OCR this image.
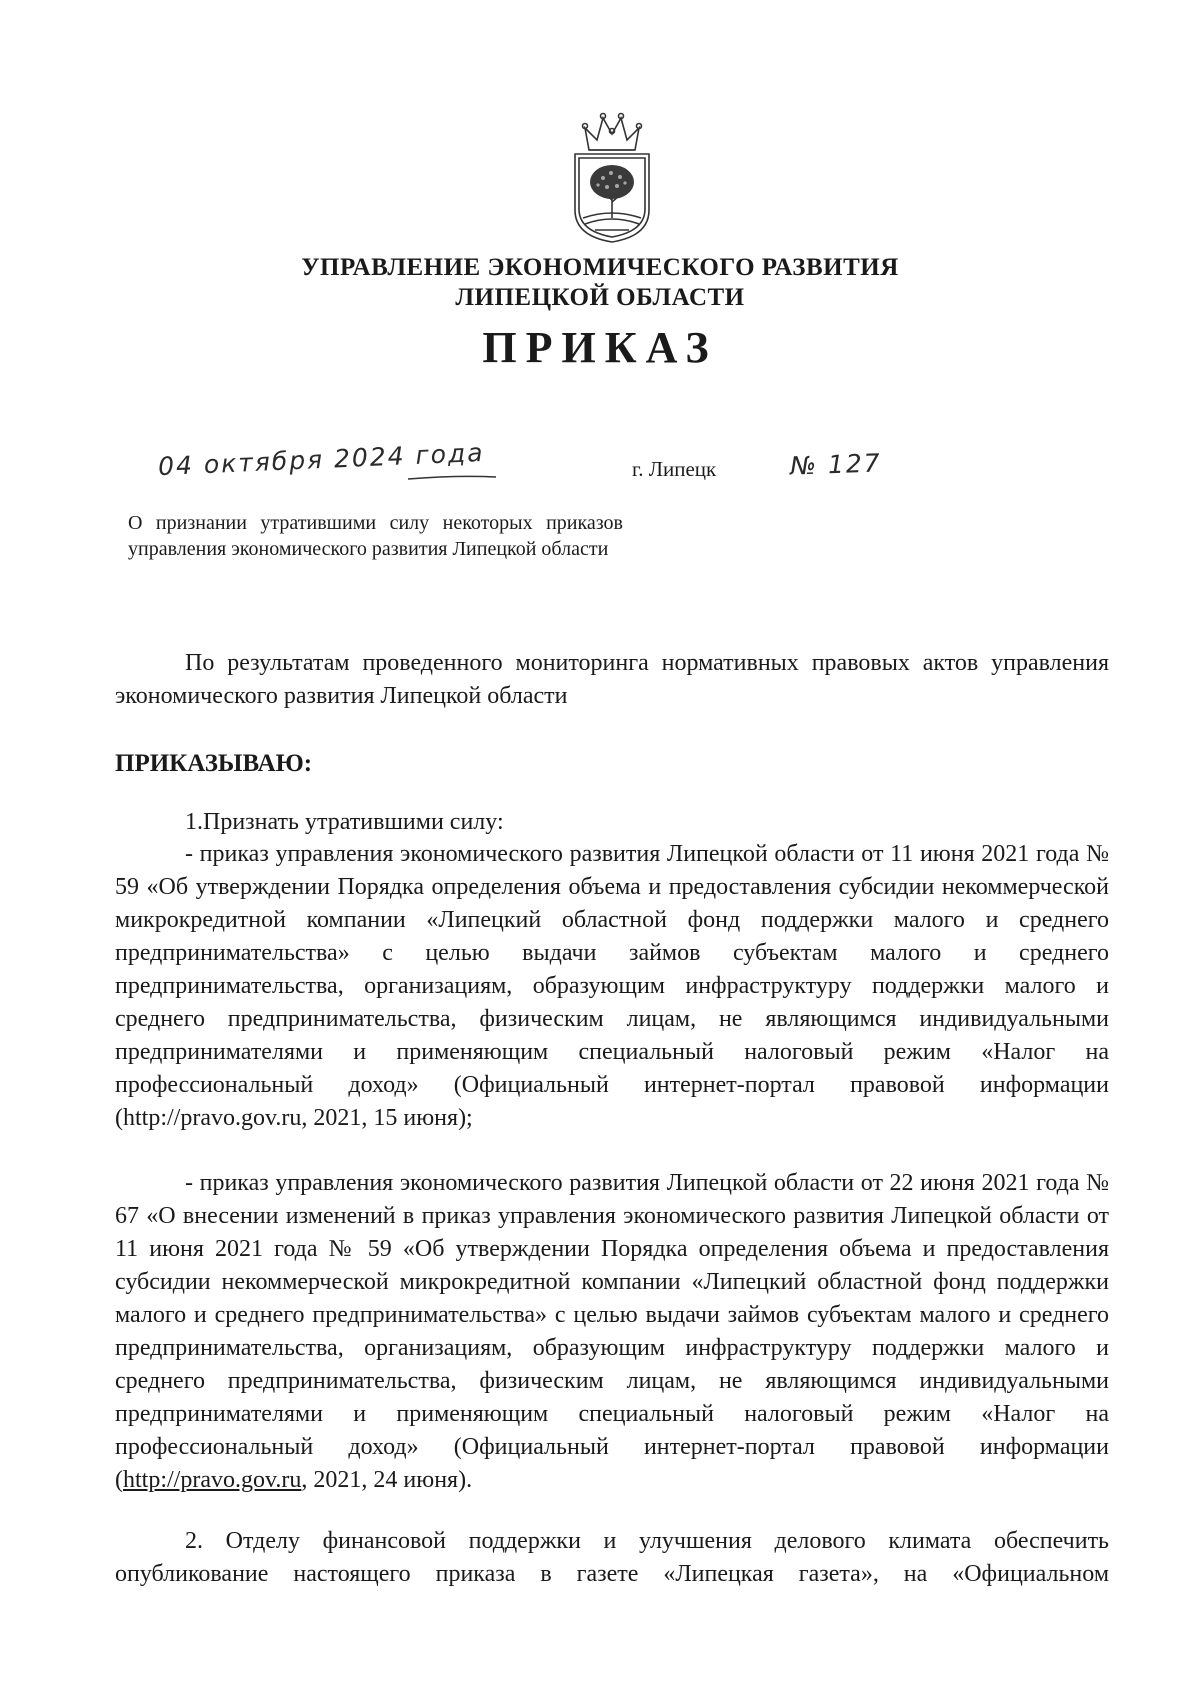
УПРАВЛЕНИЕ ЭКОНОМИЧЕСКОГО РАЗВИТИЯ
ЛИПЕЦКОЙ ОБЛАСТИ
ПРИКАЗ
04 октября 2024 года	г. Липецк	№ 127
О признании утратившими силу некоторых приказов управления экономического развития Липецкой области

По результатам проведенного мониторинга нормативных правовых актов управления экономического развития Липецкой области

ПРИКАЗЫВАЮ:

1.Признать утратившими силу:

- приказ управления экономического развития Липецкой области от 11 июня 2021 года № 59 «Об утверждении Порядка определения объема и предоставления субсидии некоммерческой микрокредитной компании «Липецкий областной фонд поддержки малого и среднего предпринимательства» с целью выдачи займов субъектам малого и среднего предпринимательства, организациям, образующим инфраструктуру поддержки малого и среднего предпринимательства, физическим лицам, не являющимся индивидуальными предпринимателями и применяющим специальный налоговый режим «Налог на профессиональный доход» (Официальный интернет-портал правовой информации (http://pravo.gov.ru, 2021, 15 июня);

- приказ управления экономического развития Липецкой области от 22 июня 2021 года № 67 «О внесении изменений в приказ управления экономического развития Липецкой области от 11 июня 2021 года № 59 «Об утверждении Порядка определения объема и предоставления субсидии некоммерческой микрокредитной компании «Липецкий областной фонд поддержки малого и среднего предпринимательства» с целью выдачи займов субъектам малого и среднего предпринимательства, организациям, образующим инфраструктуру поддержки малого и среднего предпринимательства, физическим лицам, не являющимся индивидуальными предпринимателями и применяющим специальный налоговый режим «Налог на профессиональный доход» (Официальный интернет-портал правовой информации (http://pravo.gov.ru, 2021, 24 июня).

2. Отделу финансовой поддержки и улучшения делового климата обеспечить опубликование настоящего приказа в газете «Липецкая газета», на «Официальном
